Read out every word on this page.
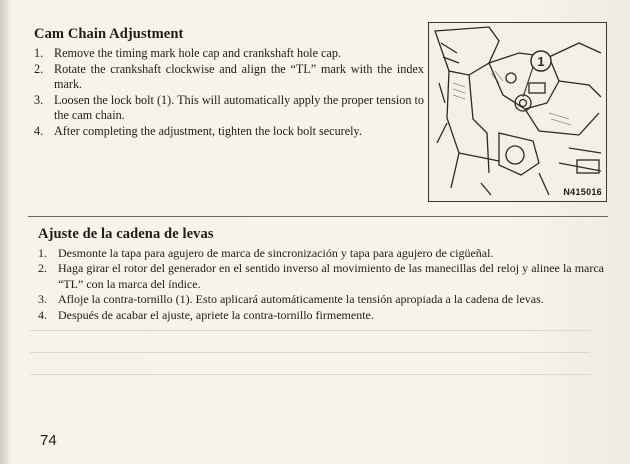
Cam Chain Adjustment
1. Remove the timing mark hole cap and crankshaft hole cap.
2. Rotate the crankshaft clockwise and align the “TL” mark with the index mark.
3. Loosen the lock bolt (1). This will automatically apply the proper tension to the cam chain.
4. After completing the adjustment, tighten the lock bolt securely.
1
N415016
Ajuste de la cadena de levas
1. Desmonte la tapa para agujero de marca de sincronización y tapa para agujero de cigüeñal.
2. Haga girar el rotor del generador en el sentido inverso al movimiento de las manecillas del reloj y alinee la marca “TL” con la marca del índice.
3. Afloje la contra-tornillo (1). Esto aplicará automáticamente la tensión apropiada a la cadena de levas.
4. Después de acabar el ajuste, apriete la contra-tornillo firmemente.
74
